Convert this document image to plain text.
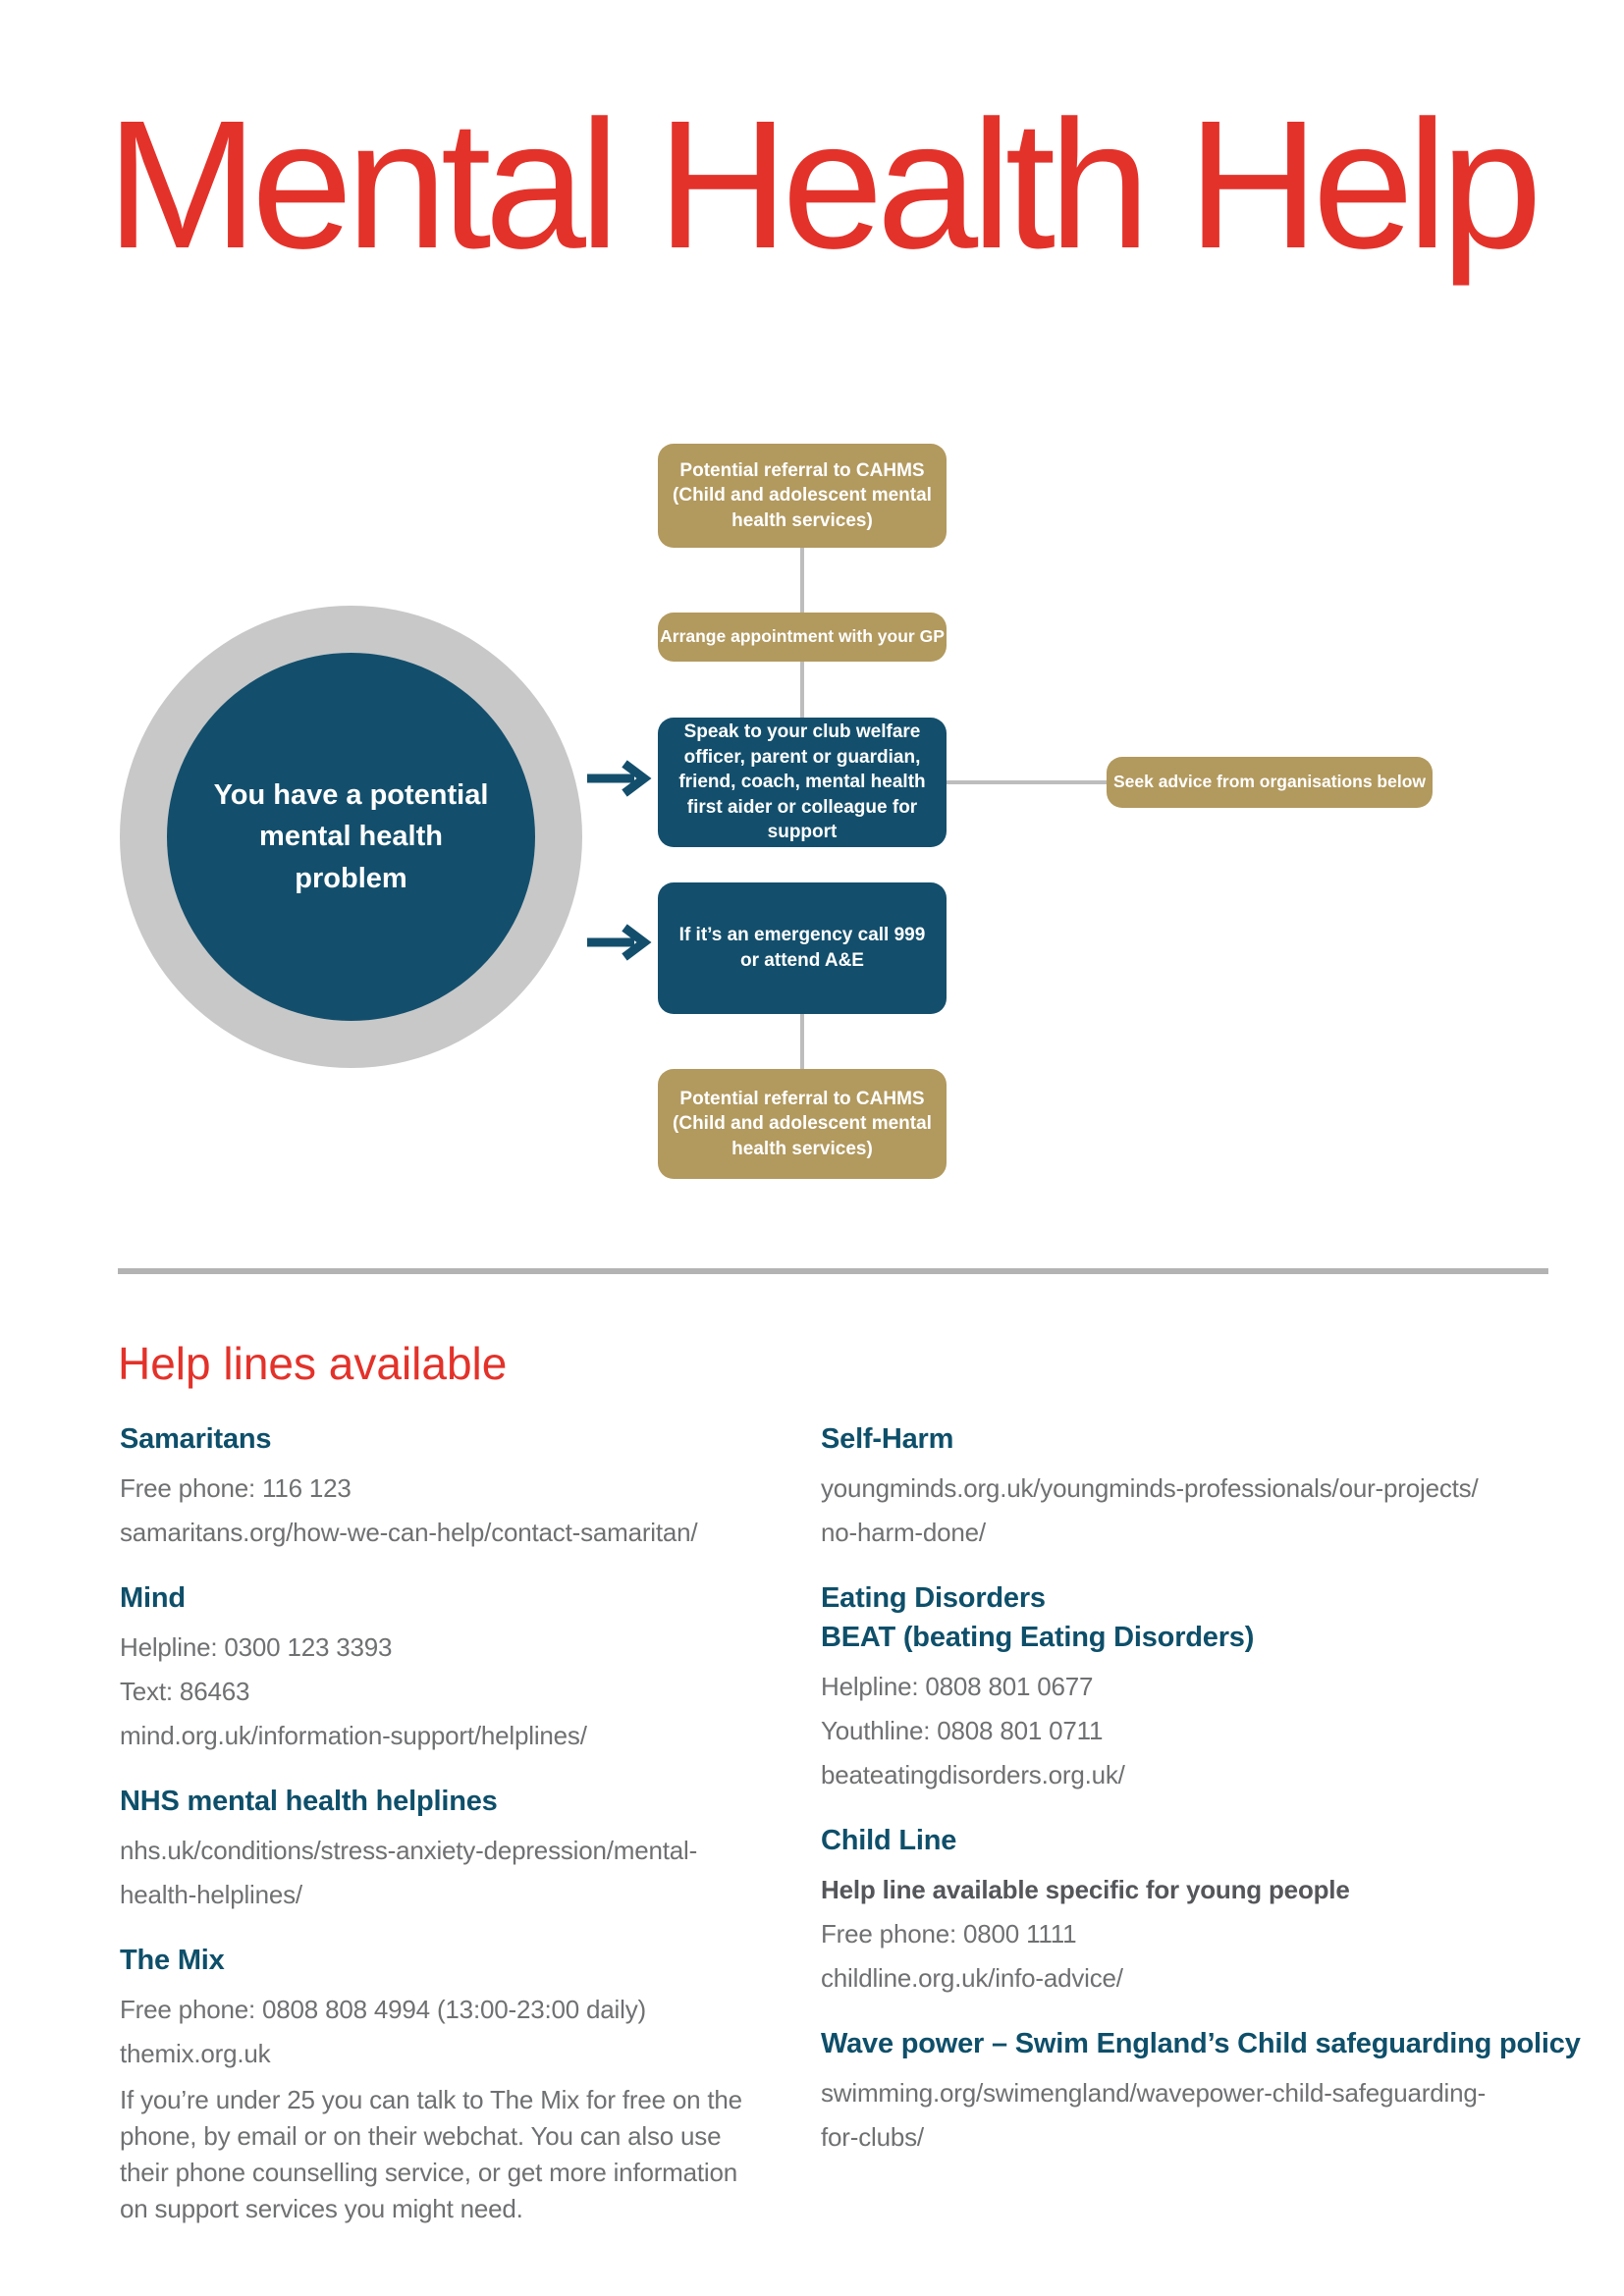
Mental Health Help
You have a potential mental health problem
Potential referral to CAHMS (Child and adolescent mental health services)
Arrange appointment with your GP
Speak to your club welfare officer, parent or guardian, friend, coach, mental health first aider or colleague for support
Seek advice from organisations below
If it’s an emergency call 999 or attend A&E
Potential referral to CAHMS (Child and adolescent mental health services)
Help lines available
Samaritans
Free phone: 116 123
samaritans.org/how-we-can-help/contact-samaritan/
Mind
Helpline: 0300 123 3393
Text: 86463
mind.org.uk/information-support/helplines/
NHS mental health helplines
nhs.uk/conditions/stress-anxiety-depression/mental-
health-helplines/
The Mix
Free phone: 0808 808 4994 (13:00-23:00 daily)
themix.org.uk
If you’re under 25 you can talk to The Mix for free on the phone, by email or on their webchat. You can also use their phone counselling service, or get more information on support services you might need.
Self-Harm
youngminds.org.uk/youngminds-professionals/our-projects/
no-harm-done/
Eating Disorders
BEAT (beating Eating Disorders)
Helpline: 0808 801 0677
Youthline: 0808 801 0711
beateatingdisorders.org.uk/
Child Line
Help line available specific for young people
Free phone: 0800 1111
childline.org.uk/info-advice/
Wave power – Swim England’s Child safeguarding policy
swimming.org/swimengland/wavepower-child-safeguarding-
for-clubs/
